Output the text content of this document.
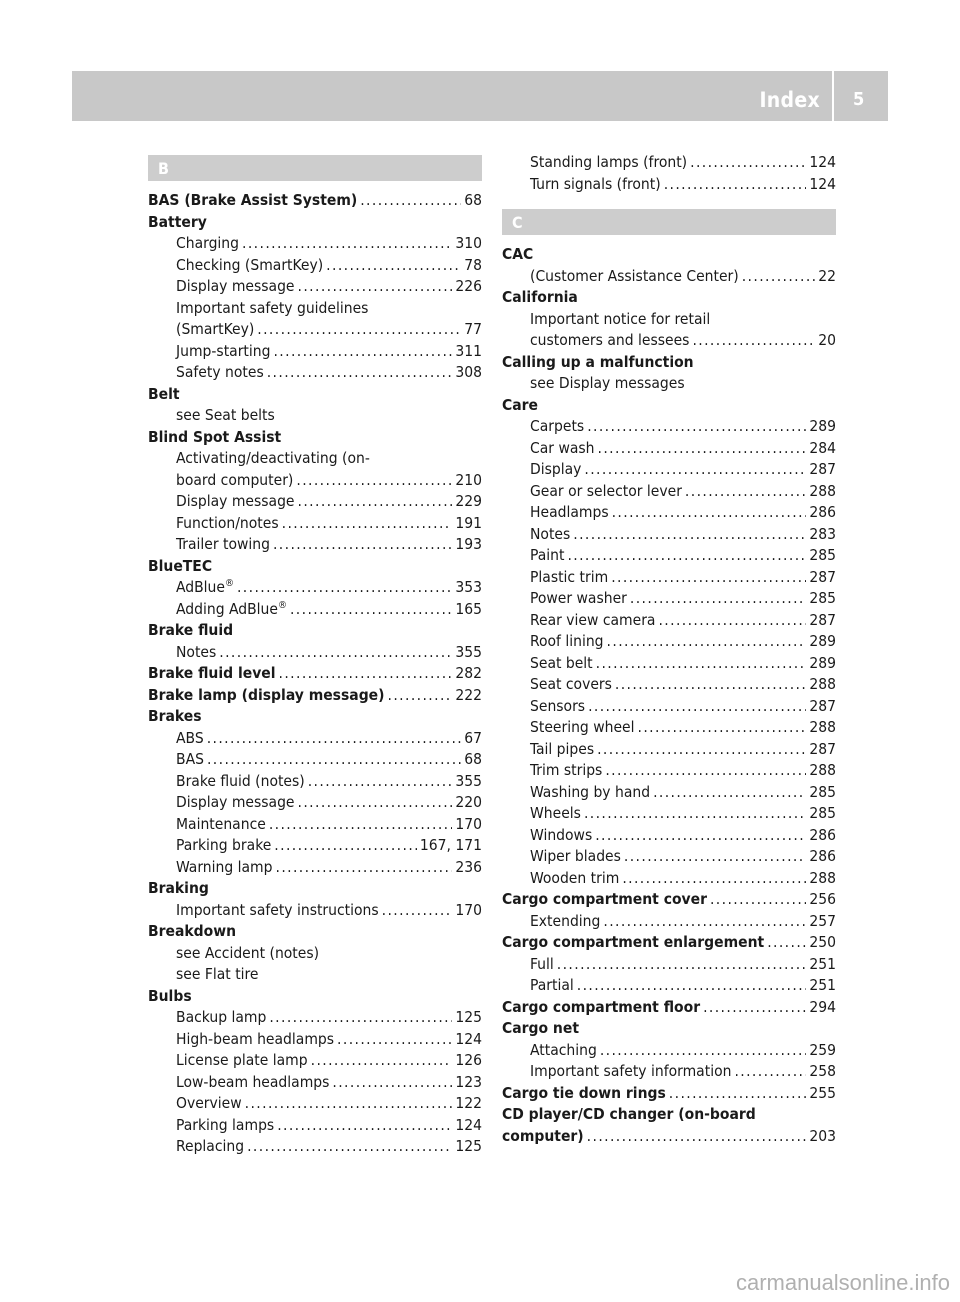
Index 5
B
BAS (Brake Assist System) .....	68
Battery
Charging .....	310
Checking (SmartKey) .....	78
Display message .....	226
Important safety guidelines
(SmartKey) .....	77
Jump-starting .....	311
Safety notes .....	308
Belt
see Seat belts
Blind Spot Assist
Activating/deactivating (on-
board computer) .....	210
Display message .....	229
Function/notes .....	191
Trailer towing .....	193
BlueTEC
AdBlue® .....	353
Adding AdBlue® .....	165
Brake fluid
Notes .....	355
Brake fluid level .....	282
Brake lamp (display message) .....	222
Brakes
ABS .....	67
BAS .....	68
Brake fluid (notes) .....	355
Display message .....	220
Maintenance .....	170
Parking brake .....	167, 171
Warning lamp .....	236
Braking
Important safety instructions .....	170
Breakdown
see Accident (notes)
see Flat tire
Bulbs
Backup lamp .....	125
High-beam headlamps .....	124
License plate lamp .....	126
Low-beam headlamps .....	123
Overview .....	122
Parking lamps .....	124
Replacing .....	125
Standing lamps (front) .....	124
Turn signals (front) .....	124
C
CAC
(Customer Assistance Center) .....	22
California
Important notice for retail
customers and lessees .....	20
Calling up a malfunction
see Display messages
Care
Carpets .....	289
Car wash .....	284
Display .....	287
Gear or selector lever .....	288
Headlamps .....	286
Notes .....	283
Paint .....	285
Plastic trim .....	287
Power washer .....	285
Rear view camera .....	287
Roof lining .....	289
Seat belt .....	289
Seat covers .....	288
Sensors .....	287
Steering wheel .....	288
Tail pipes .....	287
Trim strips .....	288
Washing by hand .....	285
Wheels .....	285
Windows .....	286
Wiper blades .....	286
Wooden trim .....	288
Cargo compartment cover .....	256
Extending .....	257
Cargo compartment enlargement .....	250
Full .....	251
Partial .....	251
Cargo compartment floor .....	294
Cargo net
Attaching .....	259
Important safety information .....	258
Cargo tie down rings .....	255
CD player/CD changer (on-board
computer) .....	203
carmanualsonline.info
